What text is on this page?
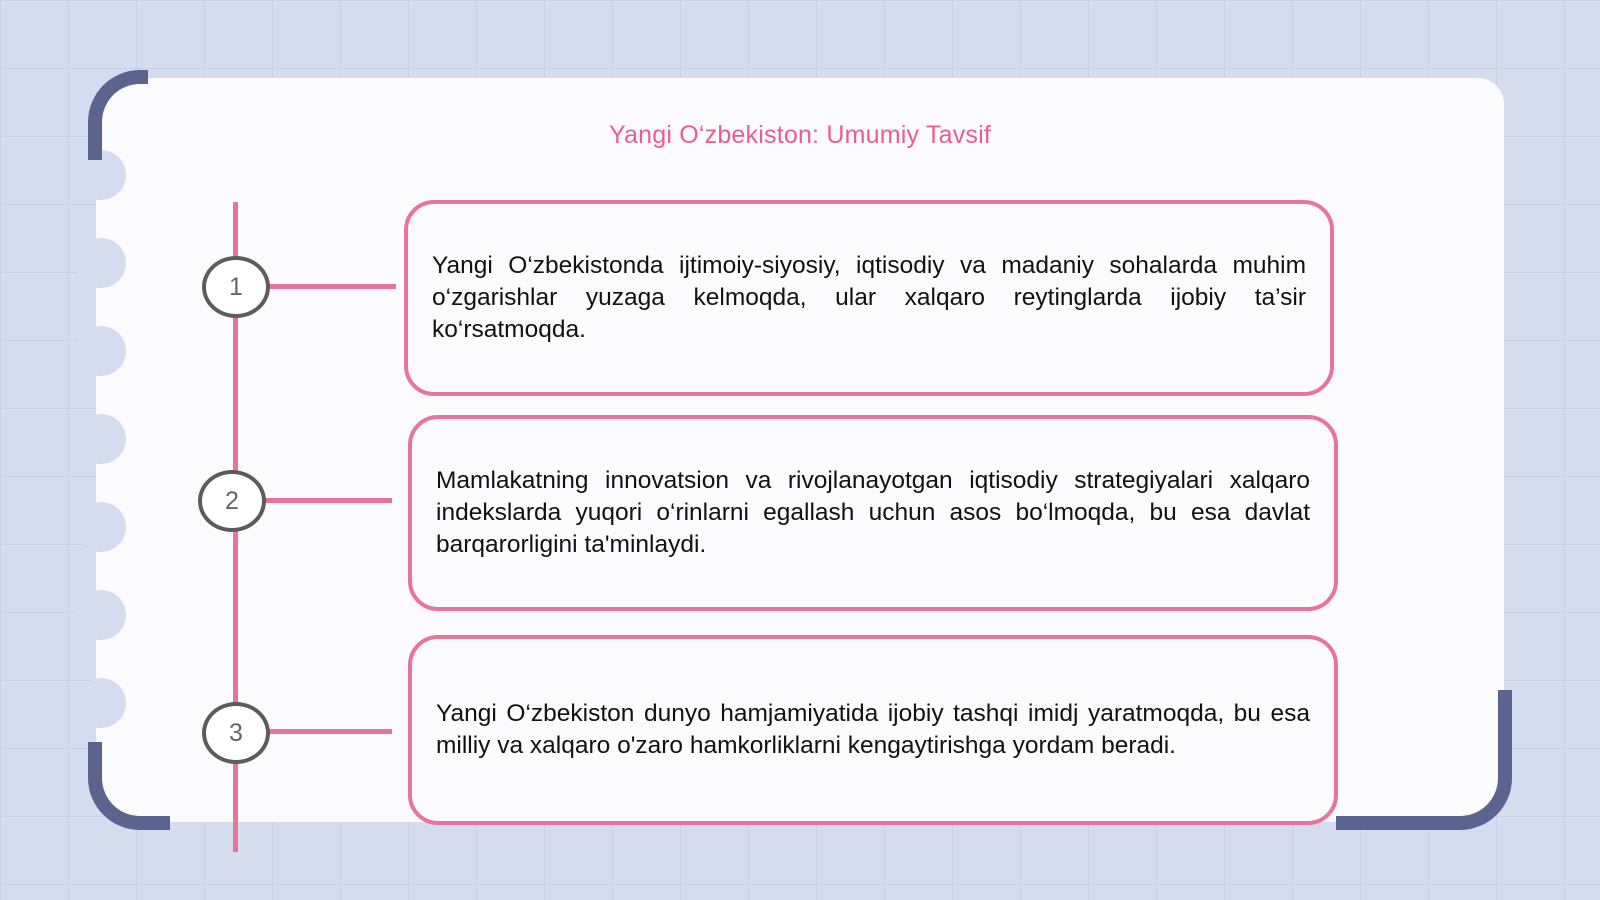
Yangi O‘zbekiston: Umumiy Tavsif
1

Yangi O‘zbekistonda ijtimoiy-siyosiy, iqtisodiy va madaniy sohalarda muhim o‘zgarishlar yuzaga kelmoqda, ular xalqaro reytinglarda ijobiy ta’sir ko‘rsatmoqda.

2

Mamlakatning innovatsion va rivojlanayotgan iqtisodiy strategiyalari xalqaro indekslarda yuqori o‘rinlarni egallash uchun asos bo‘lmoqda, bu esa davlat barqarorligini ta'minlaydi.

3

Yangi O‘zbekiston dunyo hamjamiyatida ijobiy tashqi imidj yaratmoqda, bu esa milliy va xalqaro o'zaro hamkorliklarni kengaytirishga yordam beradi.
